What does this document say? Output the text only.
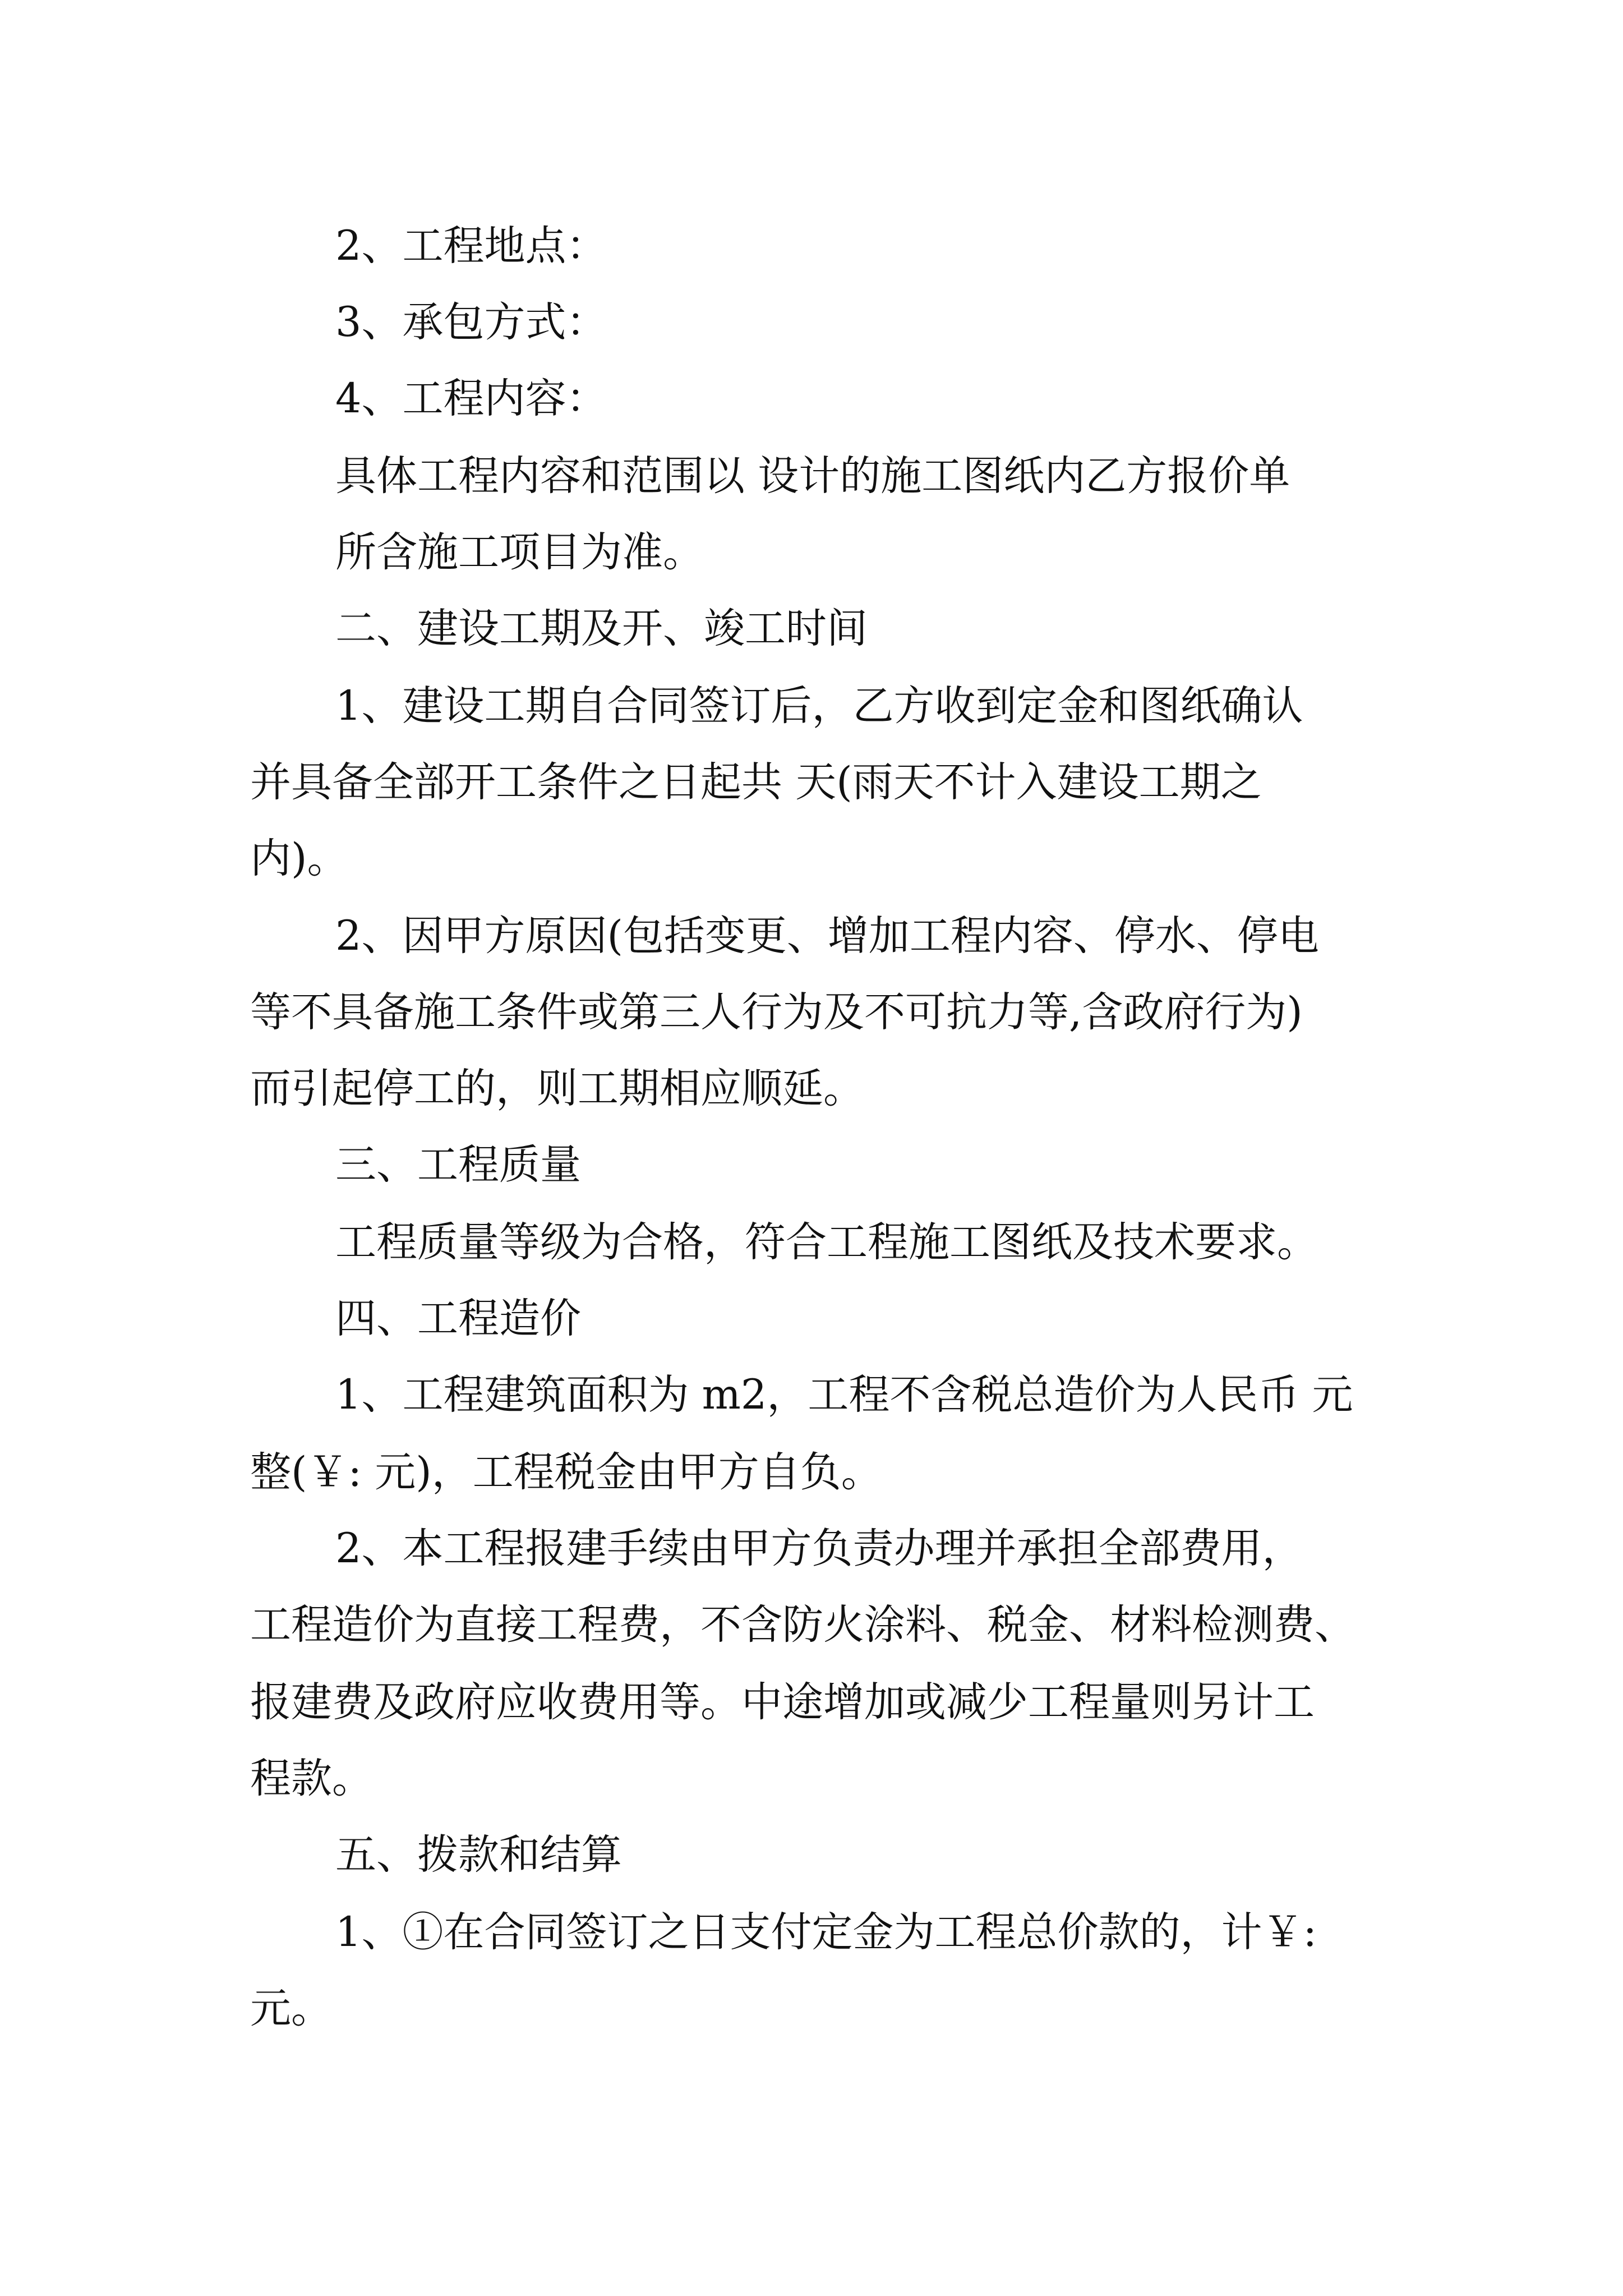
2、工程地点：

3、承包方式：

4、工程内容：

具体工程内容和范围以 设计的施工图纸内乙方报价单

所含施工项目为准。

二、建设工期及开、竣工时间

1、建设工期自合同签订后，乙方收到定金和图纸确认

并具备全部开工条件之日起共 天(雨天不计入建设工期之

内)。

2、因甲方原因(包括变更、增加工程内容、停水、停电

等不具备施工条件或第三人行为及不可抗力等,含政府行为)

而引起停工的，则工期相应顺延。

三、工程质量

工程质量等级为合格，符合工程施工图纸及技术要求。

四、工程造价

1、工程建筑面积为 m2，工程不含税总造价为人民币 元

整(￥: 元)，工程税金由甲方自负。

2、本工程报建手续由甲方负责办理并承担全部费用，

工程造价为直接工程费，不含防火涂料、税金、材料检测费、

报建费及政府应收费用等。中途增加或减少工程量则另计工

程款。

五、拨款和结算

1、①在合同签订之日支付定金为工程总价款的，计￥:

元。
